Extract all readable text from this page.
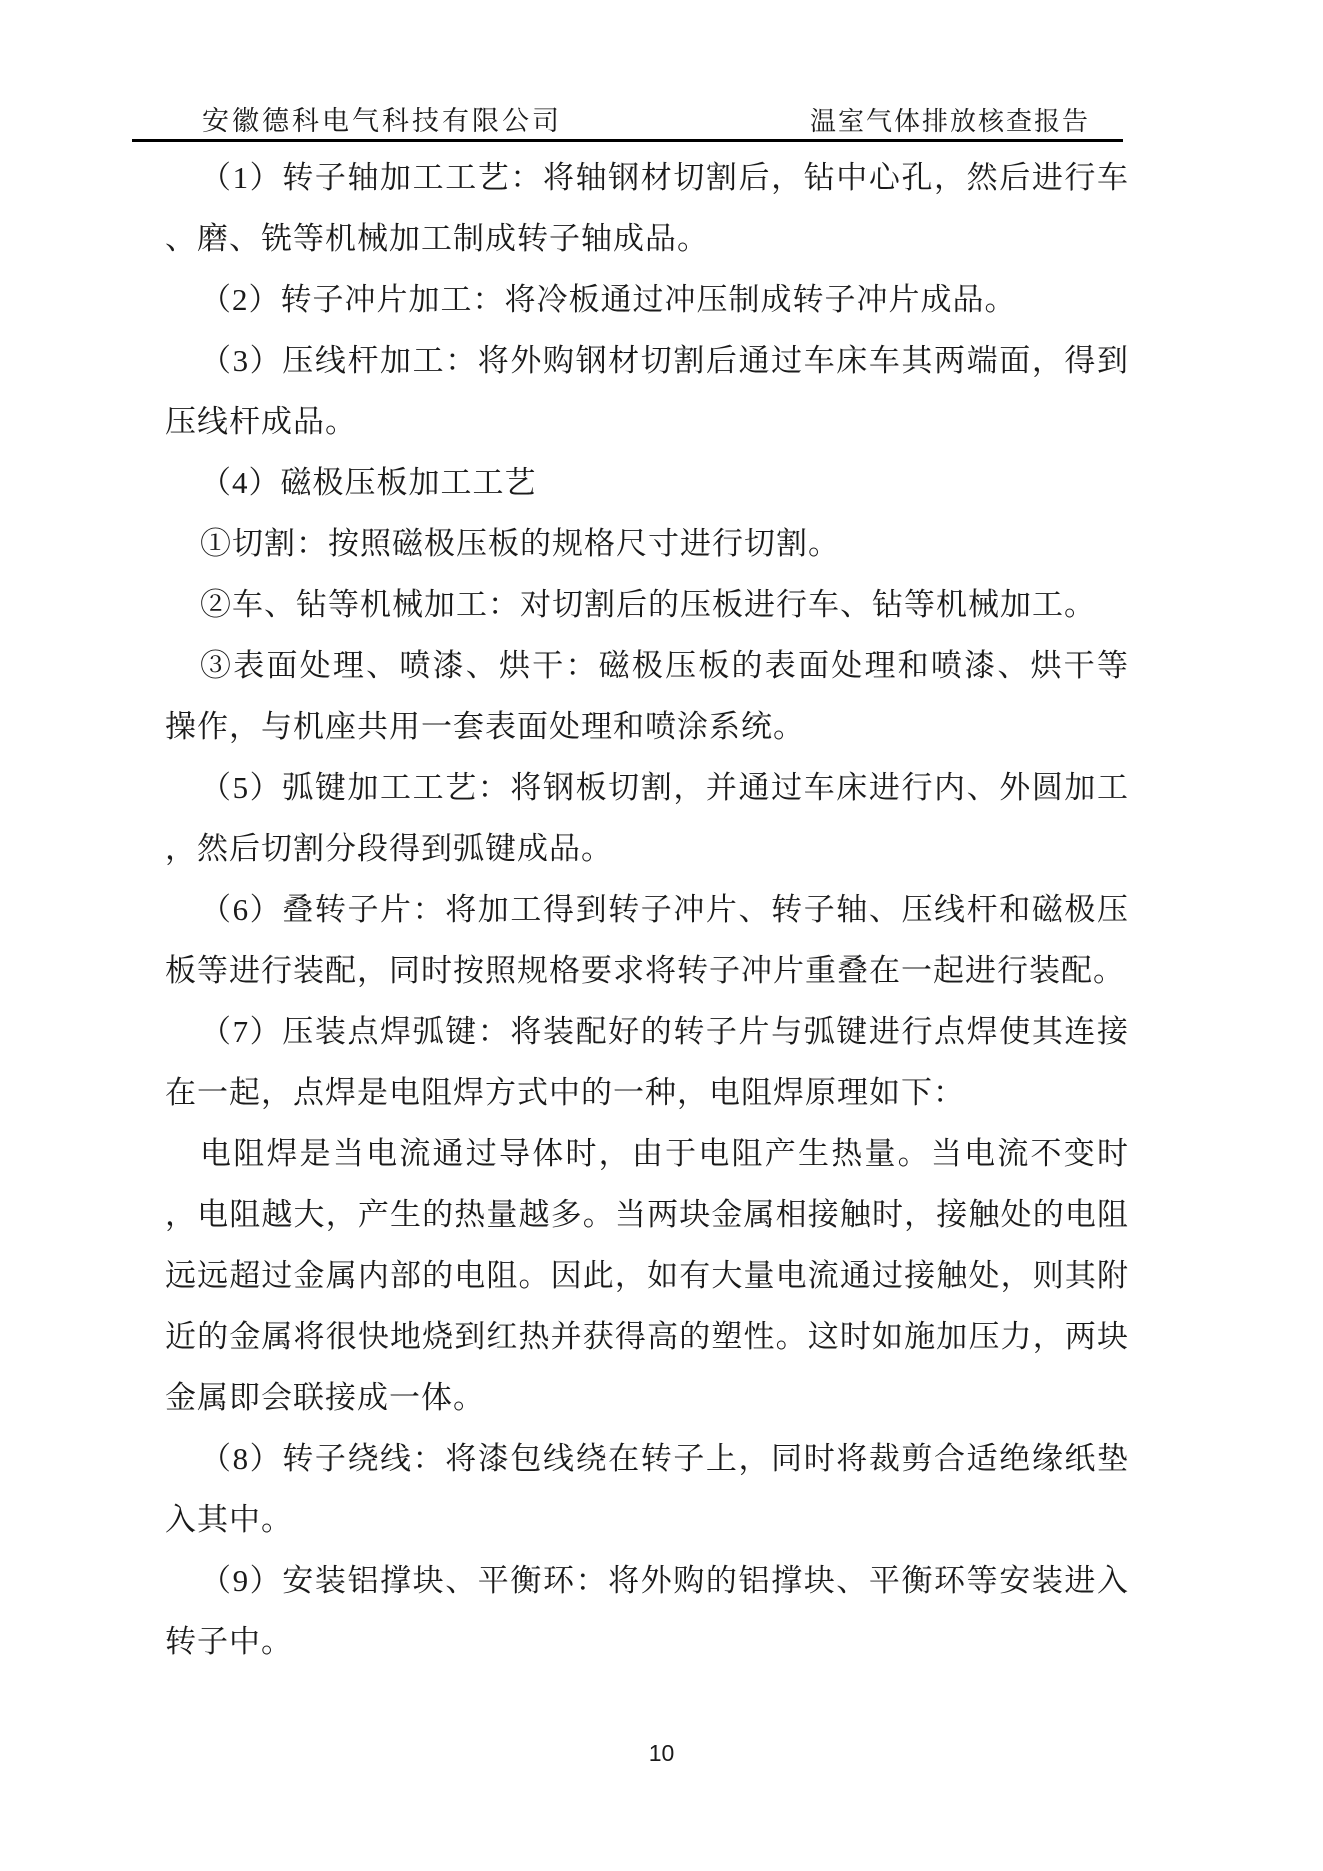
安徽德科电气科技有限公司	温室气体排放核查报告
（1）转子轴加工工艺：将轴钢材切割后，钻中心孔，然后进行车
、磨、铣等机械加工制成转子轴成品。
（2）转子冲片加工：将冷板通过冲压制成转子冲片成品。
（3）压线杆加工：将外购钢材切割后通过车床车其两端面，得到
压线杆成品。
（4）磁极压板加工工艺
①切割：按照磁极压板的规格尺寸进行切割。
②车、钻等机械加工：对切割后的压板进行车、钻等机械加工。
③表面处理、喷漆、烘干：磁极压板的表面处理和喷漆、烘干等
操作，与机座共用一套表面处理和喷涂系统。
（5）弧键加工工艺：将钢板切割，并通过车床进行内、外圆加工
，然后切割分段得到弧键成品。
（6）叠转子片：将加工得到转子冲片、转子轴、压线杆和磁极压
板等进行装配，同时按照规格要求将转子冲片重叠在一起进行装配。
（7）压装点焊弧键：将装配好的转子片与弧键进行点焊使其连接
在一起，点焊是电阻焊方式中的一种，电阻焊原理如下：
电阻焊是当电流通过导体时，由于电阻产生热量。当电流不变时
，电阻越大，产生的热量越多。当两块金属相接触时，接触处的电阻
远远超过金属内部的电阻。因此，如有大量电流通过接触处，则其附
近的金属将很快地烧到红热并获得高的塑性。这时如施加压力，两块
金属即会联接成一体。
（8）转子绕线：将漆包线绕在转子上，同时将裁剪合适绝缘纸垫
入其中。
（9）安装铝撑块、平衡环：将外购的铝撑块、平衡环等安装进入
转子中。
10
